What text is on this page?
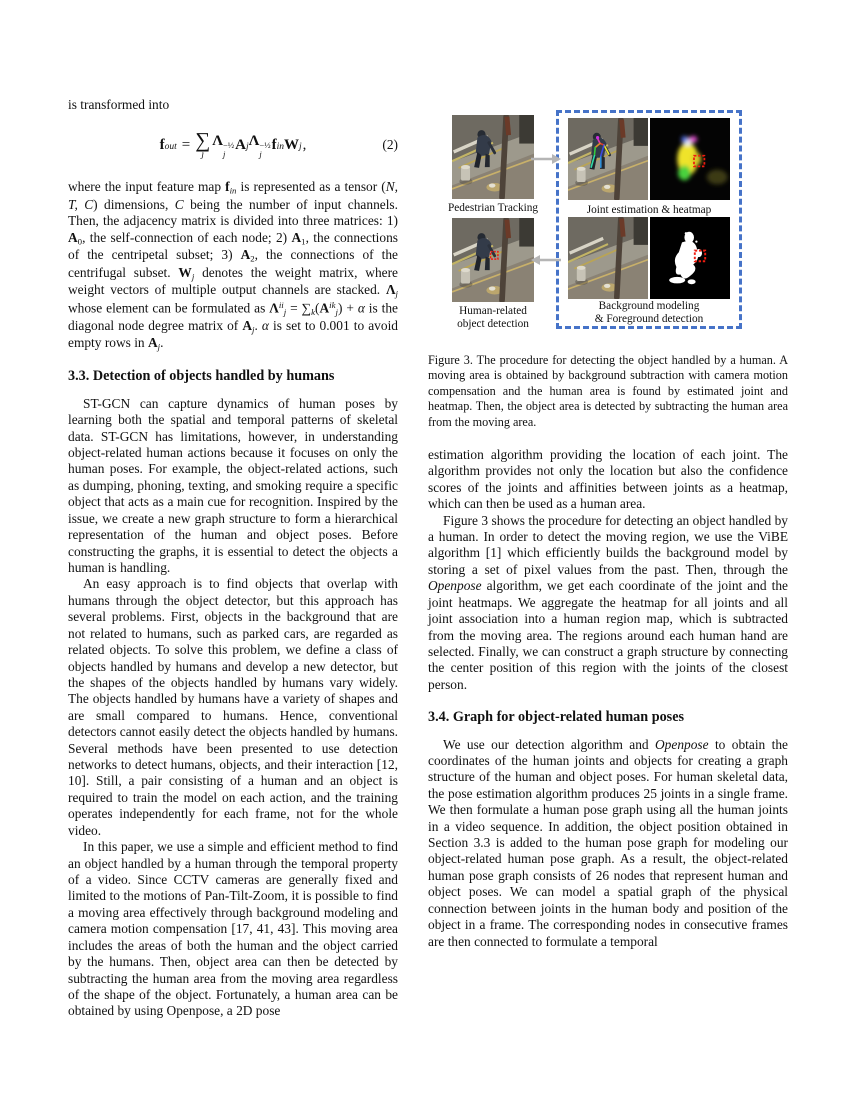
is transformed into
fout = ∑
j
Λ −½
j
Aj Λ −½
j
fin Wj ,	(2)
where the input feature map fin is represented as a tensor (N, T, C) dimensions, C being the number of input channels. Then, the adjacency matrix is divided into three matrices: 1) A0, the self-connection of each node; 2) A1, the connections of the centripetal subset; 3) A2, the connections of the centrifugal subset. Wj denotes the weight matrix, where weight vectors of multiple output channels are stacked. Λj whose element can be formulated as $\Lambda^{ii}j = \sum k(A^{ik}j) + \alpha$ is the diagonal node degree matrix of Aj. α is set to 0.001 to avoid empty rows in Aj.
3.3. Detection of objects handled by humans
ST-GCN can capture dynamics of human poses by learning both the spatial and temporal patterns of skeletal data. ST-GCN has limitations, however, in understanding object-related human actions because it focuses on only the human poses. For example, the object-related actions, such as dumping, phoning, texting, and smoking require a specific object that acts as a main cue for recognition. Inspired by the issue, we create a new graph structure to form a hierarchical representation of the human and object poses. Before constructing the graphs, it is essential to detect the objects a human is handling.
An easy approach is to find objects that overlap with humans through the object detector, but this approach has several problems. First, objects in the background that are not related to humans, such as parked cars, are regarded as related objects. To solve this problem, we define a class of objects handled by humans and develop a new detector, but the shapes of the objects handled by humans vary widely. The objects handled by humans have a variety of shapes and are small compared to humans. Hence, conventional detectors cannot easily detect the objects handled by humans. Several methods have been presented to use detection networks to detect humans, objects, and their interaction [12, 10]. Still, a pair consisting of a human and an object is required to train the model on each action, and the training operates independently for each frame, not for the whole video.
In this paper, we use a simple and efficient method to find an object handled by a human through the temporal property of a video. Since CCTV cameras are generally fixed and limited to the motions of Pan-Tilt-Zoom, it is possible to find a moving area effectively through background modeling and camera motion compensation [17, 41, 43]. This moving area includes the areas of both the human and the object carried by the humans. Then, object area can then be detected by subtracting the human area from the moving area regardless of the shape of the object. Fortunately, a human area can be obtained by using Openpose, a 2D pose
Pedestrian Tracking
Human-related
object detection
Joint estimation & heatmap
Background modeling
& Foreground detection
Figure 3. The procedure for detecting the object handled by a human. A moving area is obtained by background subtraction with camera motion compensation and the human area is found by estimated joint and heatmap. Then, the object area is detected by subtracting the human area from the moving area.
estimation algorithm providing the location of each joint. The algorithm provides not only the location but also the confidence scores of the joints and affinities between joints as a heatmap, which can then be used as a human area.
Figure 3 shows the procedure for detecting an object handled by a human. In order to detect the moving region, we use the ViBE algorithm [1] which efficiently builds the background model by storing a set of pixel values from the past. Then, through the Openpose algorithm, we get each coordinate of the joint and the joint heatmaps. We aggregate the heatmap for all joints and all joint association into a human region map, which is subtracted from the moving area. The regions around each human hand are selected. Finally, we can construct a graph structure by connecting the center position of this region with the joints of the closest person.
3.4. Graph for object-related human poses
We use our detection algorithm and Openpose to obtain the coordinates of the human joints and objects for creating a graph structure of the human and object poses. For human skeletal data, the pose estimation algorithm produces 25 joints in a single frame. We then formulate a human pose graph using all the human joints in a video sequence. In addition, the object position obtained in Section 3.3 is added to the human pose graph for modeling our object-related human pose graph. As a result, the object-related human pose graph consists of 26 nodes that represent human and object poses. We can model a spatial graph of the physical connection between joints in the human body and position of the object in a frame. The corresponding nodes in consecutive frames are then connected to formulate a temporal
